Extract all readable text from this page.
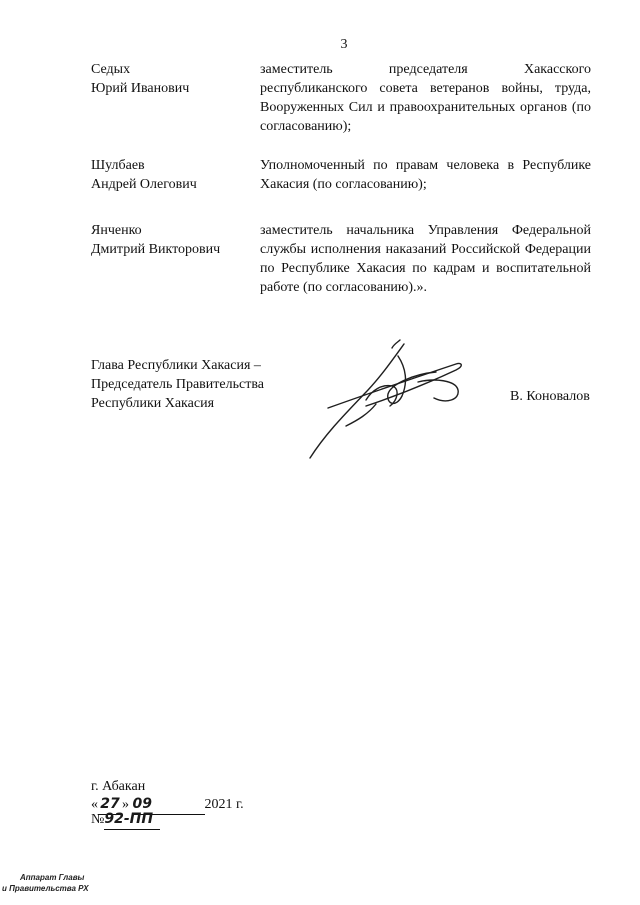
3
Седых
Юрий Иванович
заместитель председателя Хакасского
республиканского совета ветеранов войны, труда,
Вооруженных Сил и правоохранительных органов (по
согласованию);
Шулбаев
Андрей Олегович
Уполномоченный по правам человека в Республике
Хакасия (по согласованию);
Янченко
Дмитрий Викторович
заместитель начальника Управления Федеральной
службы исполнения наказаний Российской Федерации
по Республике Хакасия по кадрам и воспитательной
работе (по согласованию).».
Глава Республики Хакасия –
Председатель Правительства
Республики Хакасия	В. Коновалов
г. Абакан
« 27 » 09	2021 г.
№92-ПП
Аппарат Главы
и Правительства РХ
